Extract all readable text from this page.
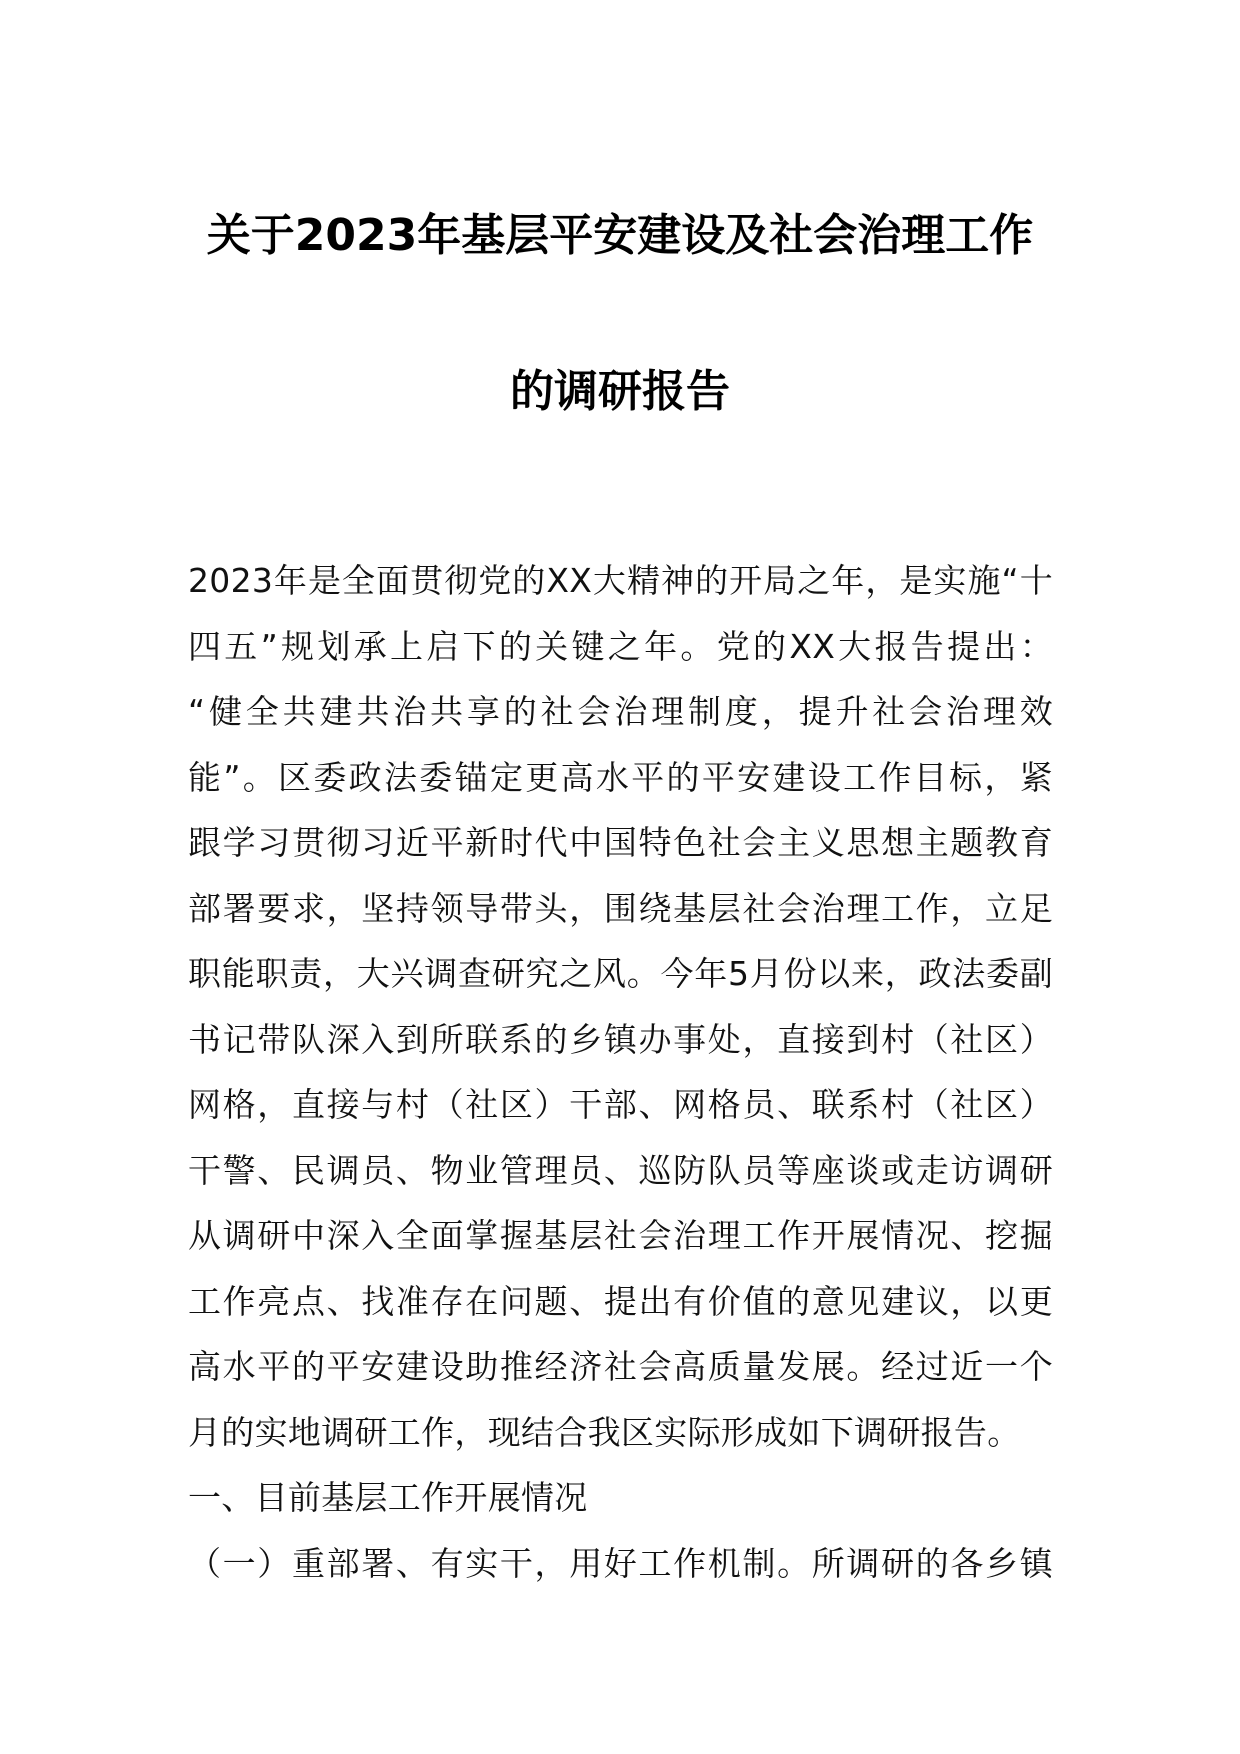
关于2023年基层平安建设及社会治理工作
的调研报告
2023年是全面贯彻党的XX大精神的开局之年，是实施“十
四五”规划承上启下的关键之年。党的XX大报告提出：
“健全共建共治共享的社会治理制度，提升社会治理效
能”。区委政法委锚定更高水平的平安建设工作目标，紧
跟学习贯彻习近平新时代中国特色社会主义思想主题教育
部署要求，坚持领导带头，围绕基层社会治理工作，立足
职能职责，大兴调查研究之风。今年5月份以来，政法委副
书记带队深入到所联系的乡镇办事处，直接到村（社区）
网格，直接与村（社区）干部、网格员、联系村（社区）
干警、民调员、物业管理员、巡防队员等座谈或走访调研
从调研中深入全面掌握基层社会治理工作开展情况、挖掘
工作亮点、找准存在问题、提出有价值的意见建议，以更
高水平的平安建设助推经济社会高质量发展。经过近一个
月的实地调研工作，现结合我区实际形成如下调研报告。
一、目前基层工作开展情况
（一）重部署、有实干，用好工作机制。所调研的各乡镇
